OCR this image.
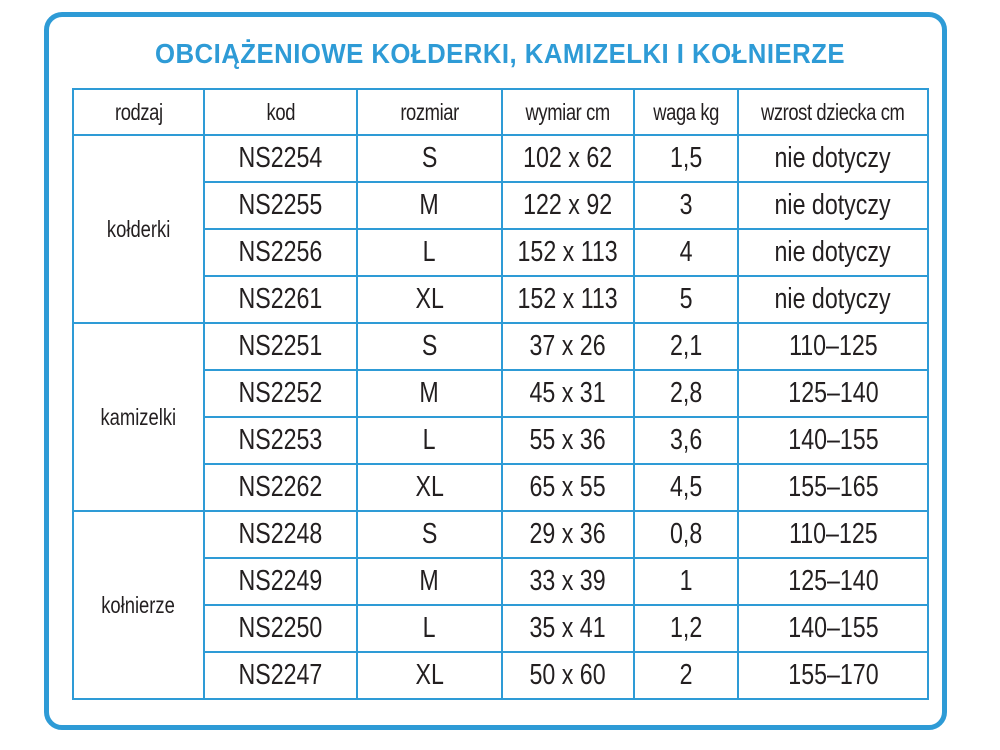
OBCIĄŻENIOWE KOŁDERKI, KAMIZELKI I KOŁNIERZE
rodzaj	kod	rozmiar	wymiar cm	waga kg	wzrost dziecka cm
kołderki	NS2254	S	102 x 62	1,5	nie dotyczy
	NS2255	M	122 x 92	3	nie dotyczy
	NS2256	L	152 x 113	4	nie dotyczy
	NS2261	XL	152 x 113	5	nie dotyczy
kamizelki	NS2251	S	37 x 26	2,1	110–125
	NS2252	M	45 x 31	2,8	125–140
	NS2253	L	55 x 36	3,6	140–155
	NS2262	XL	65 x 55	4,5	155–165
kołnierze	NS2248	S	29 x 36	0,8	110–125
	NS2249	M	33 x 39	1	125–140
	NS2250	L	35 x 41	1,2	140–155
	NS2247	XL	50 x 60	2	155–170
